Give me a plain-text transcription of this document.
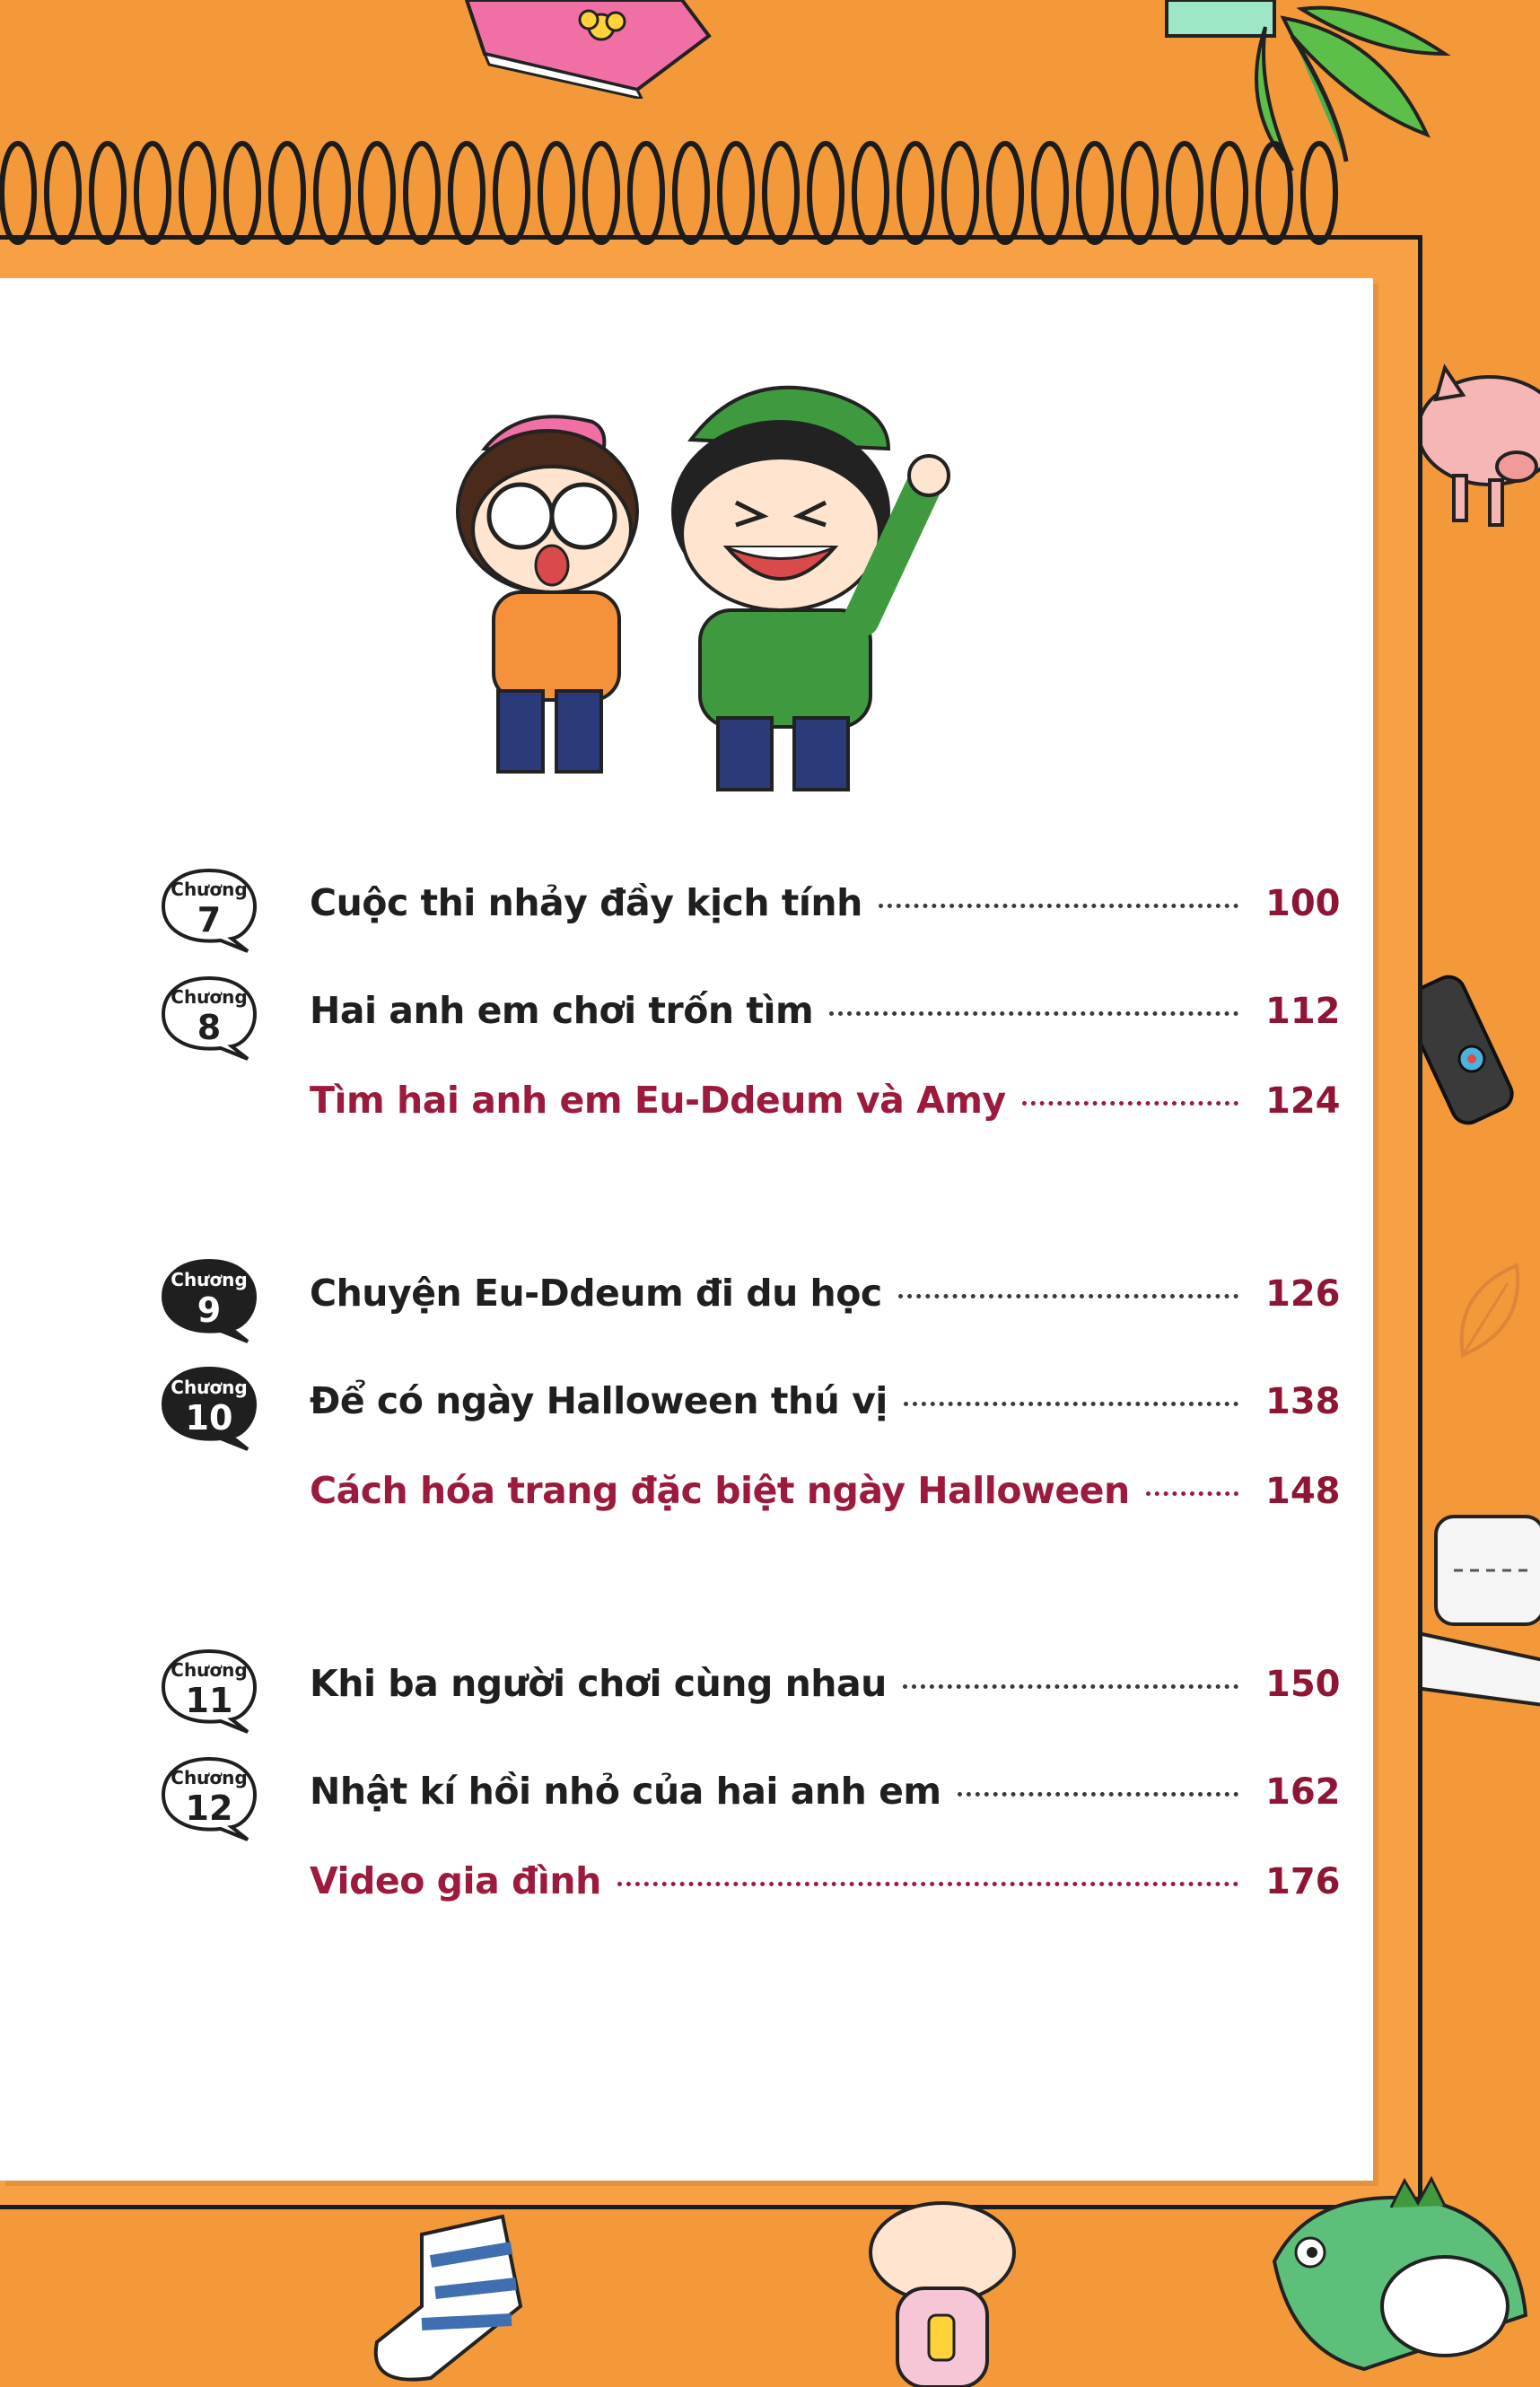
Chương
7 Cuộc thi nhảy đầy kịch tính	100
Chương
8 Hai anh em chơi trốn tìm	112
Tìm hai anh em Eu-Ddeum và Amy	124
Chương
9 Chuyện Eu-Ddeum đi du học	126
Chương
10 Để có ngày Halloween thú vị	138
Cách hóa trang đặc biệt ngày Halloween	148
Chương
11 Khi ba người chơi cùng nhau	150
Chương
12 Nhật kí hồi nhỏ của hai anh em	162
Video gia đình	176
